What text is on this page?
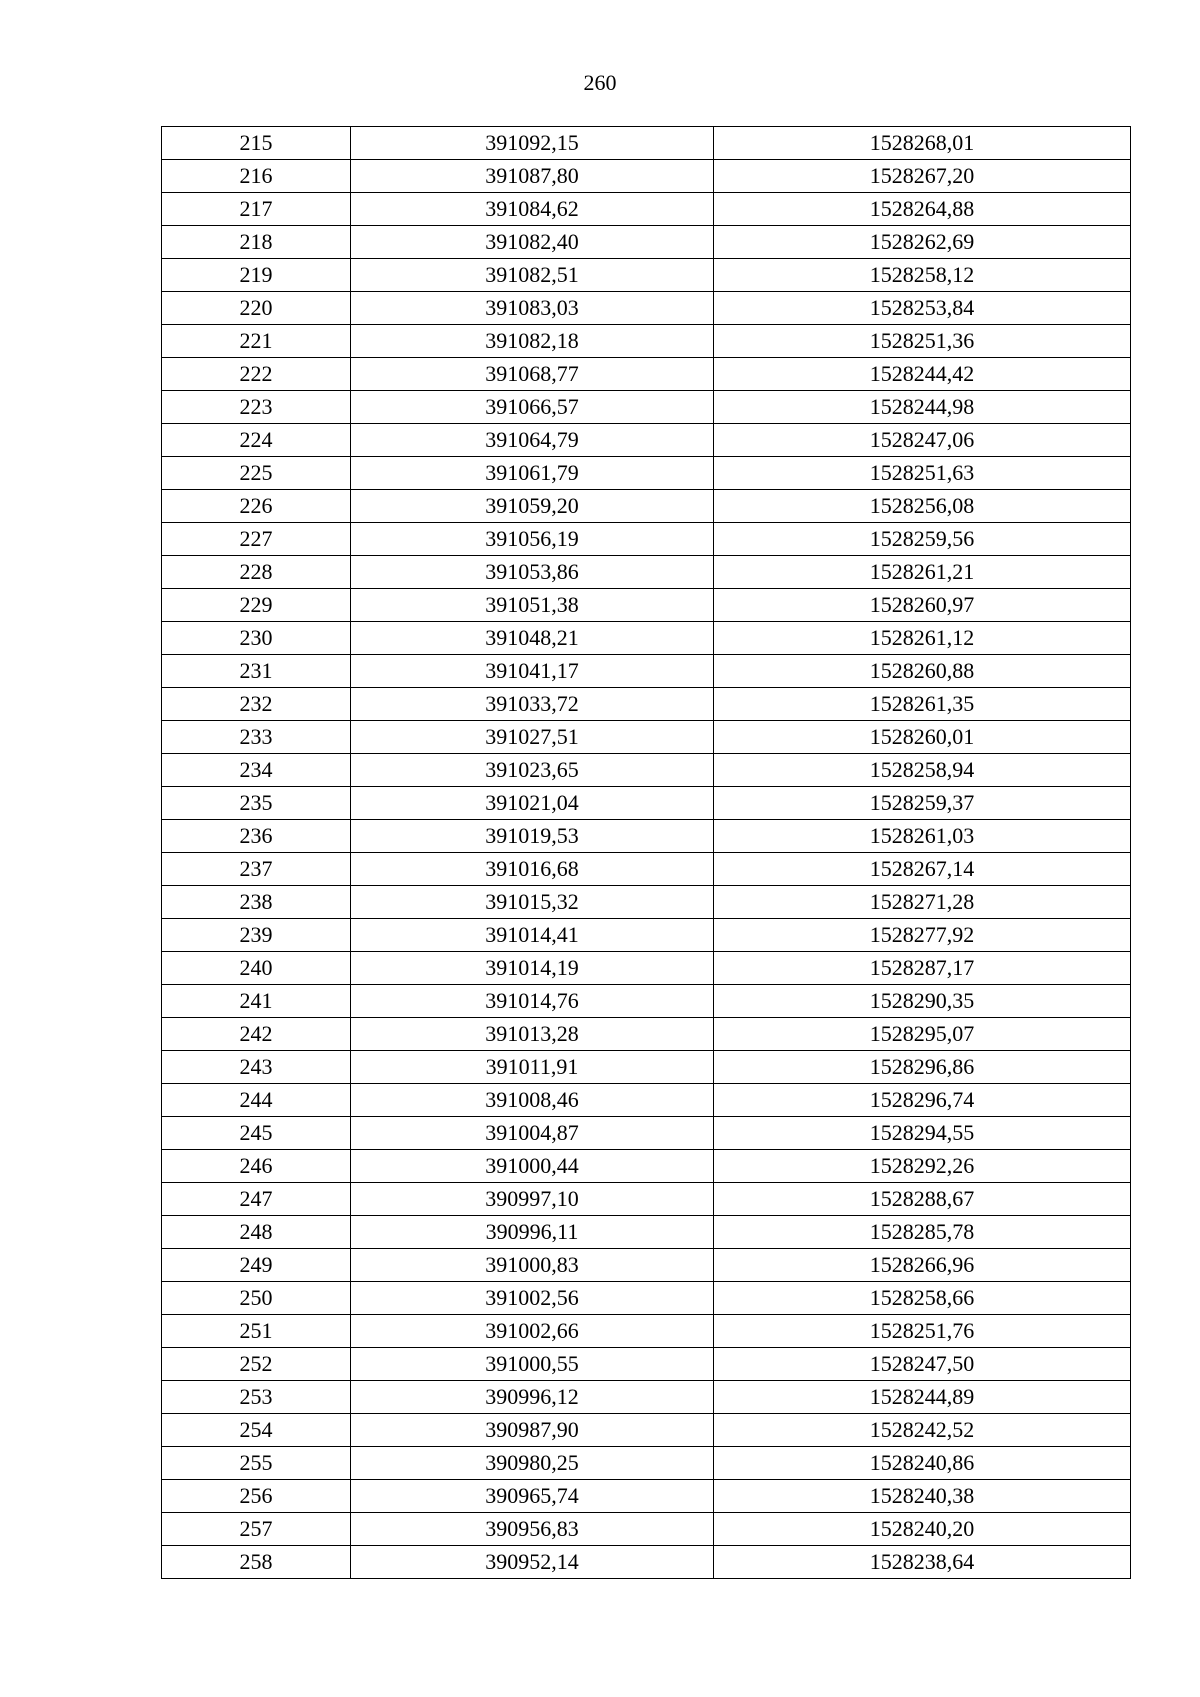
260
215	391092,15	1528268,01
216	391087,80	1528267,20
217	391084,62	1528264,88
218	391082,40	1528262,69
219	391082,51	1528258,12
220	391083,03	1528253,84
221	391082,18	1528251,36
222	391068,77	1528244,42
223	391066,57	1528244,98
224	391064,79	1528247,06
225	391061,79	1528251,63
226	391059,20	1528256,08
227	391056,19	1528259,56
228	391053,86	1528261,21
229	391051,38	1528260,97
230	391048,21	1528261,12
231	391041,17	1528260,88
232	391033,72	1528261,35
233	391027,51	1528260,01
234	391023,65	1528258,94
235	391021,04	1528259,37
236	391019,53	1528261,03
237	391016,68	1528267,14
238	391015,32	1528271,28
239	391014,41	1528277,92
240	391014,19	1528287,17
241	391014,76	1528290,35
242	391013,28	1528295,07
243	391011,91	1528296,86
244	391008,46	1528296,74
245	391004,87	1528294,55
246	391000,44	1528292,26
247	390997,10	1528288,67
248	390996,11	1528285,78
249	391000,83	1528266,96
250	391002,56	1528258,66
251	391002,66	1528251,76
252	391000,55	1528247,50
253	390996,12	1528244,89
254	390987,90	1528242,52
255	390980,25	1528240,86
256	390965,74	1528240,38
257	390956,83	1528240,20
258	390952,14	1528238,64
